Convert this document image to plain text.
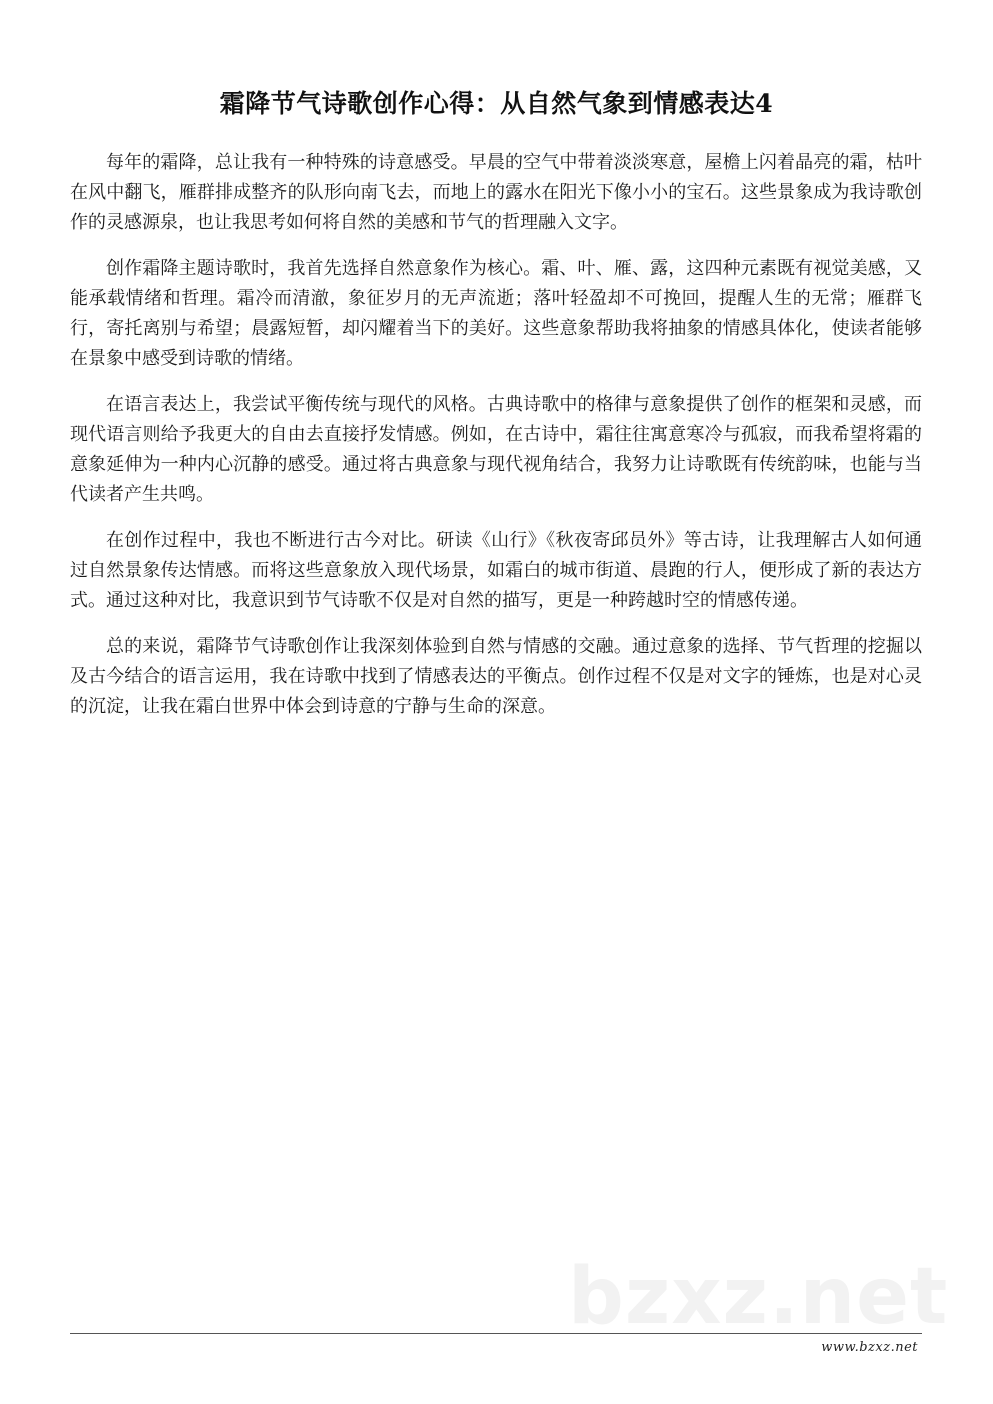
霜降节气诗歌创作心得：从自然气象到情感表达4

每年的霜降，总让我有一种特殊的诗意感受。早晨的空气中带着淡淡寒意，屋檐上闪着晶亮的霜，枯叶在风中翻飞，雁群排成整齐的队形向南飞去，而地上的露水在阳光下像小小的宝石。这些景象成为我诗歌创作的灵感源泉，也让我思考如何将自然的美感和节气的哲理融入文字。

创作霜降主题诗歌时，我首先选择自然意象作为核心。霜、叶、雁、露，这四种元素既有视觉美感，又能承载情绪和哲理。霜冷而清澈，象征岁月的无声流逝；落叶轻盈却不可挽回，提醒人生的无常；雁群飞行，寄托离别与希望；晨露短暂，却闪耀着当下的美好。这些意象帮助我将抽象的情感具体化，使读者能够在景象中感受到诗歌的情绪。

在语言表达上，我尝试平衡传统与现代的风格。古典诗歌中的格律与意象提供了创作的框架和灵感，而现代语言则给予我更大的自由去直接抒发情感。例如，在古诗中，霜往往寓意寒冷与孤寂，而我希望将霜的意象延伸为一种内心沉静的感受。通过将古典意象与现代视角结合，我努力让诗歌既有传统韵味，也能与当代读者产生共鸣。

在创作过程中，我也不断进行古今对比。研读《山行》《秋夜寄邱员外》等古诗，让我理解古人如何通过自然景象传达情感。而将这些意象放入现代场景，如霜白的城市街道、晨跑的行人，便形成了新的表达方式。通过这种对比，我意识到节气诗歌不仅是对自然的描写，更是一种跨越时空的情感传递。

总的来说，霜降节气诗歌创作让我深刻体验到自然与情感的交融。通过意象的选择、节气哲理的挖掘以及古今结合的语言运用，我在诗歌中找到了情感表达的平衡点。创作过程不仅是对文字的锤炼，也是对心灵的沉淀，让我在霜白世界中体会到诗意的宁静与生命的深意。

bzxz.net
www.bzxz.net
